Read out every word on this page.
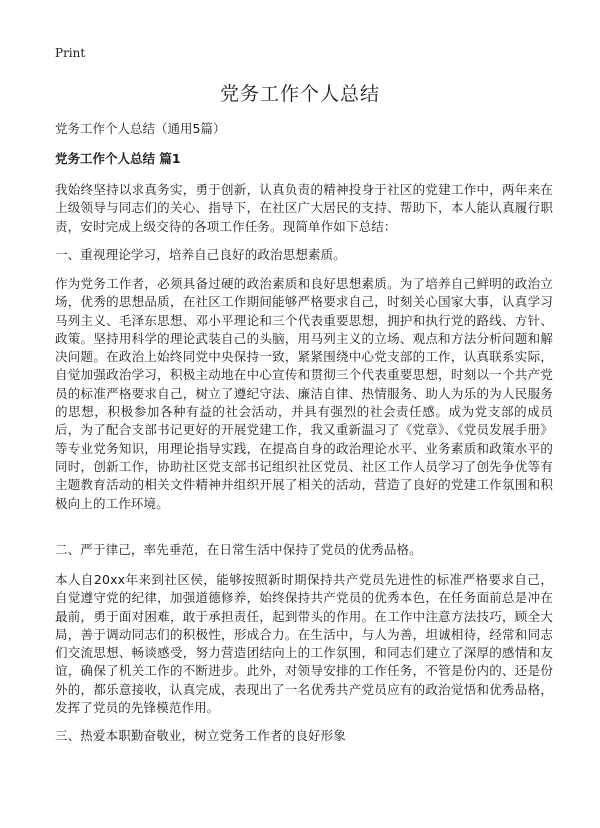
Print
党务工作个人总结
党务工作个人总结（通用5篇）
党务工作个人总结 篇1

我始终坚持以求真务实，勇于创新，认真负责的精神投身于社区的党建工作中，两年来在上级领导与同志们的关心、指导下，在社区广大居民的支持、帮助下，本人能认真履行职责，安时完成上级交待的各项工作任务。现简单作如下总结：

一、重视理论学习，培养自己良好的政治思想素质。

作为党务工作者，必须具备过硬的政治素质和良好思想素质。为了培养自己鲜明的政治立场，优秀的思想品质，在社区工作期间能够严格要求自己，时刻关心国家大事，认真学习马列主义、毛泽东思想、邓小平理论和三个代表重要思想，拥护和执行党的路线、方针、政策。坚持用科学的理论武装自己的头脑，用马列主义的立场、观点和方法分析问题和解决问题。在政治上始终同党中央保持一致，紧紧围绕中心党支部的工作，认真联系实际，自觉加强政治学习，积极主动地在中心宣传和贯彻三个代表重要思想，时刻以一个共产党员的标准严格要求自己，树立了遵纪守法、廉洁自律、热情服务、助人为乐的为人民服务的思想，积极参加各种有益的社会活动，并具有强烈的社会责任感。成为党支部的成员后，为了配合支部书记更好的开展党建工作，我又重新温习了《党章》、《党员发展手册》等专业党务知识，用理论指导实践，在提高自身的政治理论水平、业务素质和政策水平的同时，创新工作，协助社区党支部书记组织社区党员、社区工作人员学习了创先争优等有主题教育活动的相关文件精神并组织开展了相关的活动，营造了良好的党建工作氛围和积极向上的工作环境。

二、严于律己，率先垂范，在日常生活中保持了党员的优秀品格。

本人自20xx年来到社区侯，能够按照新时期保持共产党员先进性的标准严格要求自己，自觉遵守党的纪律，加强道德修养，始终保持共产党员的优秀本色，在任务面前总是冲在最前，勇于面对困难，敢于承担责任，起到带头的作用。在工作中注意方法技巧，顾全大局，善于调动同志们的积极性，形成合力。在生活中，与人为善，坦诚相待，经常和同志们交流思想、畅谈感受，努力营造团结向上的工作氛围，和同志们建立了深厚的感情和友谊，确保了机关工作的不断进步。此外，对领导安排的工作任务，不管是份内的、还是份外的，都乐意接收，认真完成，表现出了一名优秀共产党员应有的政治觉悟和优秀品格，发挥了党员的先锋模范作用。

三、热爱本职勤奋敬业，树立党务工作者的良好形象
